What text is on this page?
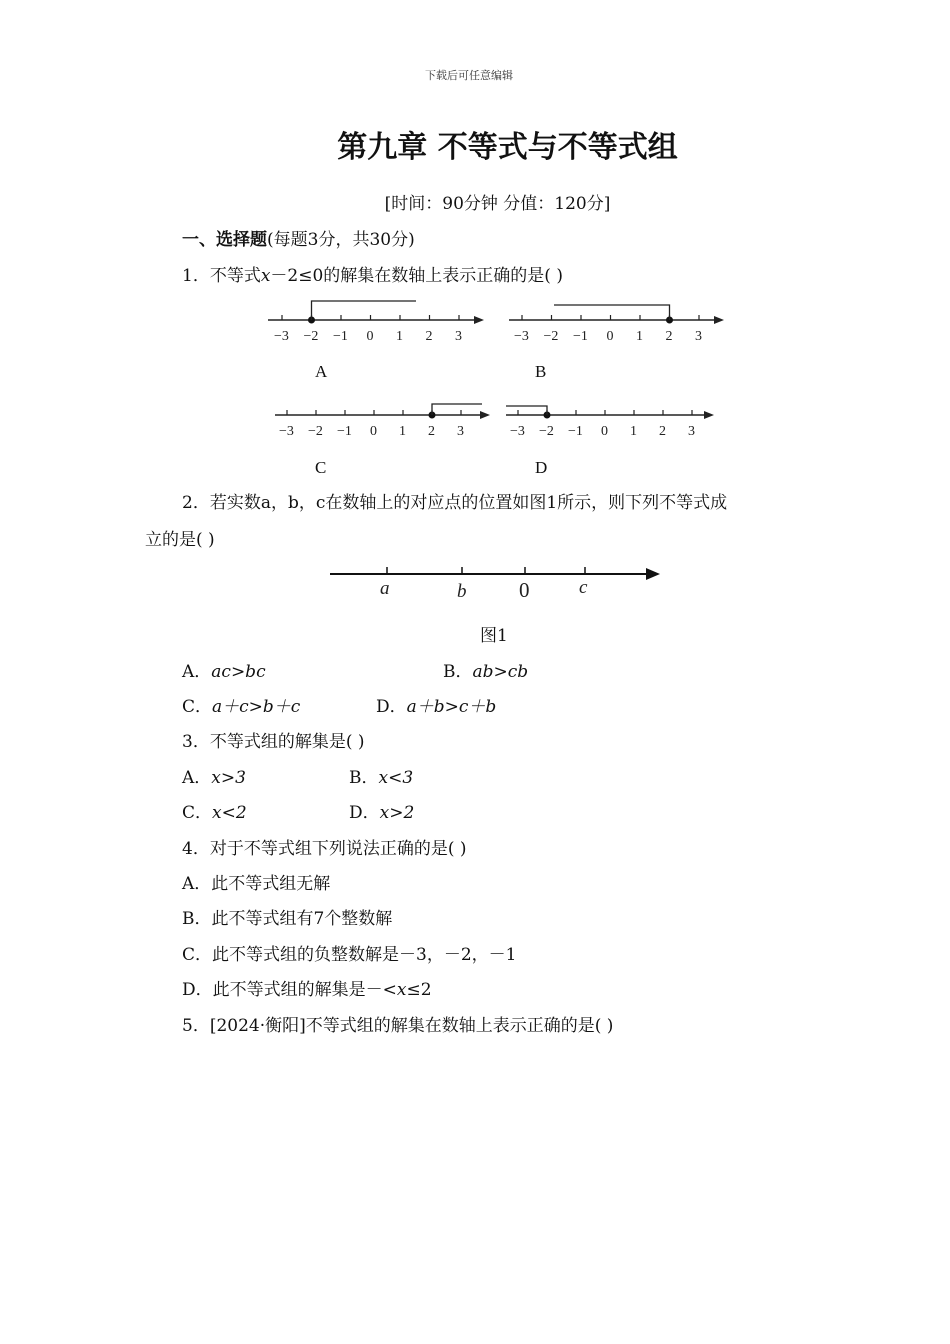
下载后可任意编辑
第九章 不等式与不等式组
[时间：90分钟 分值：120分]
一、选择题(每题3分，共30分)
1．不等式x－2≤0的解集在数轴上表示正确的是( )
−3 −2 −1 0 1 2 3	−3 −2 −1 0 1 2 3
−3 −2 −1 0 1 2 3	−3 −2 −1 0 1 2 3
A	B
C	D
2．若实数a，b，c在数轴上的对应点的位置如图1所示，则下列不等式成
立的是( )
a	b	0	c
图1
A．ac>bc	B．ab>cb
C．a＋c>b＋c	D．a＋b>c＋b
3．不等式组的解集是( )
A．x>3	B．x<3
C．x<2	D．x>2
4．对于不等式组下列说法正确的是( )
A．此不等式组无解
B．此不等式组有7个整数解
C．此不等式组的负整数解是－3，－2，－1
D．此不等式组的解集是－<x≤2
5．[2024·衡阳]不等式组的解集在数轴上表示正确的是( )
